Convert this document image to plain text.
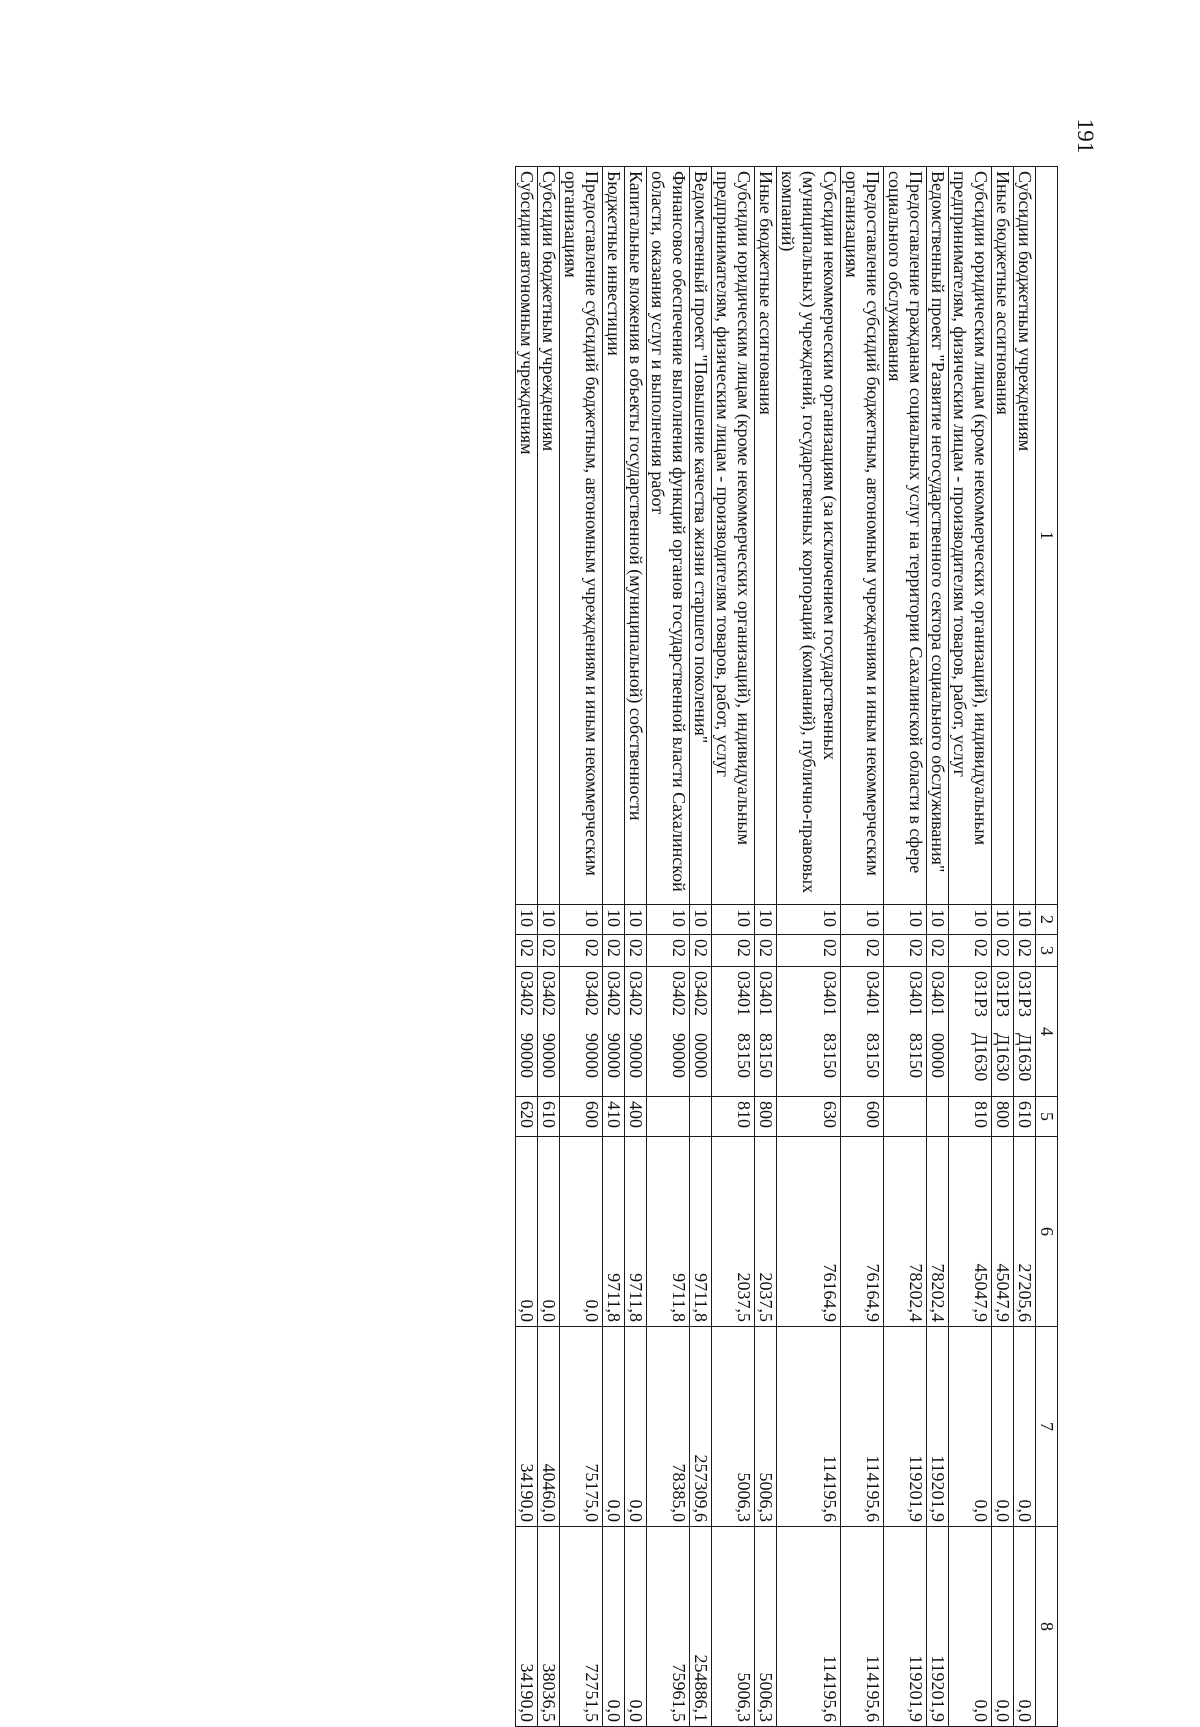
191
1	2	3	4	5	6	7	8
Субсидии бюджетным учреждениям	10	02	031Р3Д1630	610	27205,6	0,0	0,0
Иные бюджетные ассигнования	10	02	031Р3Д1630	800	45047,9	0,0	0,0
Субсидии юридическим лицам (кроме некоммерческих организаций), индивидуальным предпринимателям, физическим лицам - производителям товаров, работ, услуг	10	02	031Р3Д1630	810	45047,9	0,0	0,0
Ведомственный проект "Развитие негосударственного сектора социального обслуживания"	10	02	0340100000		78202,4	119201,9	119201,9
Предоставление гражданам социальных услуг на территории Сахалинской области в сфере социального обслуживания	10	02	0340183150		78202,4	119201,9	119201,9
Предоставление субсидий бюджетным, автономным учреждениям и иным некоммерческим организациям	10	02	0340183150	600	76164,9	114195,6	114195,6
Субсидии некоммерческим организациям (за исключением государственных (муниципальных) учреждений, государственных корпораций (компаний), публично-правовых компаний)	10	02	0340183150	630	76164,9	114195,6	114195,6
Иные бюджетные ассигнования	10	02	0340183150	800	2037,5	5006,3	5006,3
Субсидии юридическим лицам (кроме некоммерческих организаций), индивидуальным предпринимателям, физическим лицам - производителям товаров, работ, услуг	10	02	0340183150	810	2037,5	5006,3	5006,3
Ведомственный проект "Повышение качества жизни старшего поколения"	10	02	0340200000		9711,8	257309,6	254886,1
Финансовое обеспечение выполнения функций органов государственной власти Сахалинской области, оказания услуг и выполнения работ	10	02	0340290000		9711,8	78385,0	75961,5
Капитальные вложения в объекты государственной (муниципальной) собственности	10	02	0340290000	400	9711,8	0,0	0,0
Бюджетные инвестиции	10	02	0340290000	410	9711,8	0,0	0,0
Предоставление субсидий бюджетным, автономным учреждениям и иным некоммерческим организациям	10	02	0340290000	600	0,0	75175,0	72751,5
Субсидии бюджетным учреждениям	10	02	0340290000	610	0,0	40460,0	38036,5
Субсидии автономным учреждениям	10	02	0340290000	620	0,0	34190,0	34190,0
